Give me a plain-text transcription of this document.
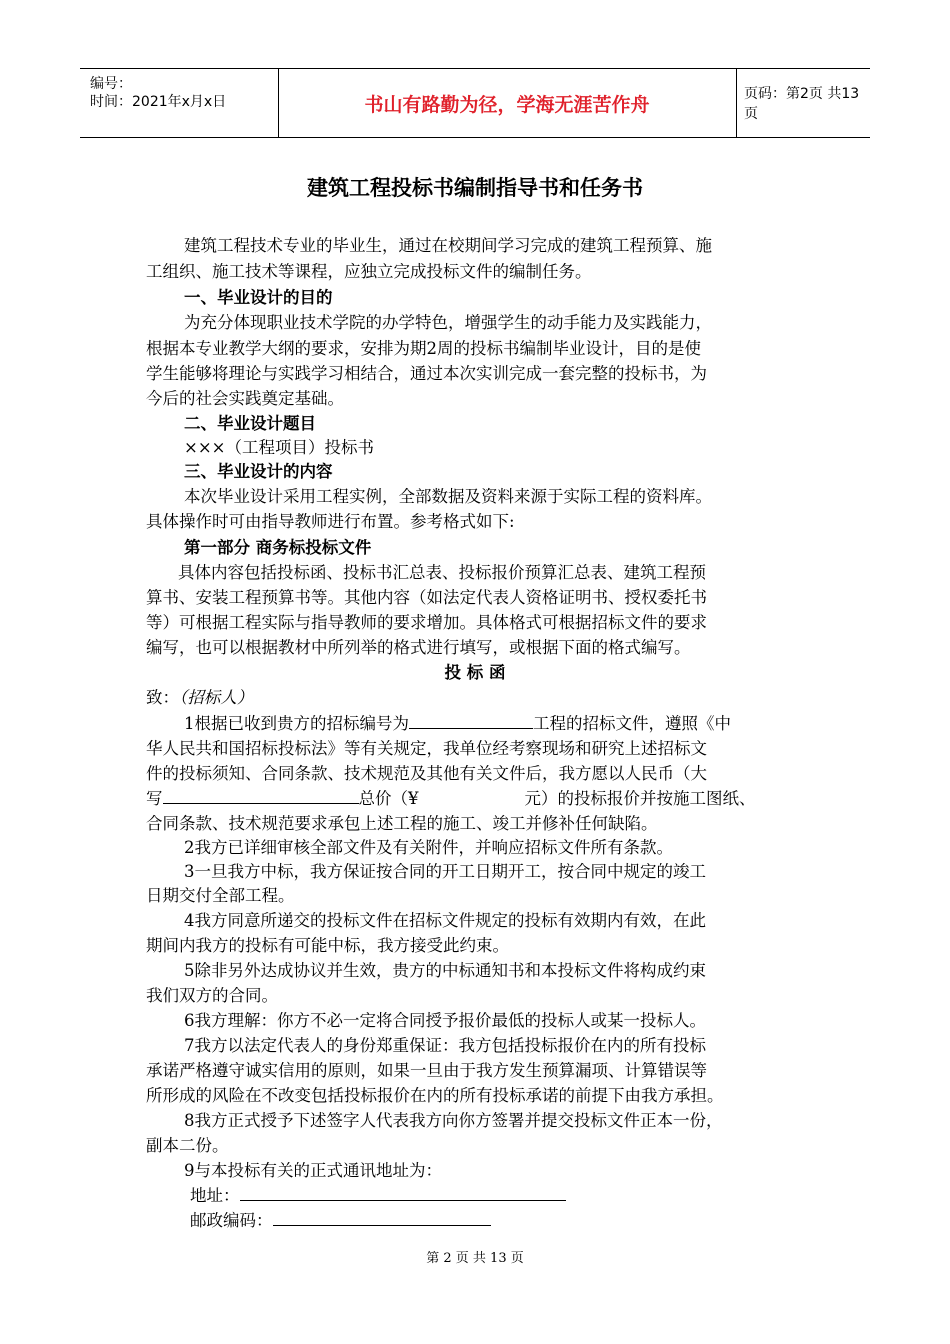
编号：
时间：2021年x月x日	书山有路勤为径，学海无涯苦作舟	页码：第2页 共13页
建筑工程投标书编制指导书和任务书
建筑工程技术专业的毕业生，通过在校期间学习完成的建筑工程预算、施
工组织、施工技术等课程，应独立完成投标文件的编制任务。
一、毕业设计的目的
为充分体现职业技术学院的办学特色，增强学生的动手能力及实践能力，
根据本专业教学大纲的要求，安排为期2周的投标书编制毕业设计，目的是使
学生能够将理论与实践学习相结合，通过本次实训完成一套完整的投标书，为
今后的社会实践奠定基础。
二、毕业设计题目
×××（工程项目）投标书
三、毕业设计的内容
本次毕业设计采用工程实例，全部数据及资料来源于实际工程的资料库。
具体操作时可由指导教师进行布置。参考格式如下:
第一部分 商务标投标文件
具体内容包括投标函、投标书汇总表、投标报价预算汇总表、建筑工程预
算书、安装工程预算书等。其他内容（如法定代表人资格证明书、授权委托书
等）可根据工程实际与指导教师的要求增加。具体格式可根据招标文件的要求
编写，也可以根据教材中所列举的格式进行填写，或根据下面的格式编写。
投 标 函
致：（招标人）
1根据已收到贵方的招标编号为	工程的招标文件，遵照《中
华人民共和国招标投标法》等有关规定，我单位经考察现场和研究上述招标文
件的投标须知、合同条款、技术规范及其他有关文件后，我方愿以人民币（大
写	总价（¥	元）的投标报价并按施工图纸、
合同条款、技术规范要求承包上述工程的施工、竣工并修补任何缺陷。
2我方已详细审核全部文件及有关附件，并响应招标文件所有条款。
3一旦我方中标，我方保证按合同的开工日期开工，按合同中规定的竣工
日期交付全部工程。
4我方同意所递交的投标文件在招标文件规定的投标有效期内有效，在此
期间内我方的投标有可能中标，我方接受此约束。
5除非另外达成协议并生效，贵方的中标通知书和本投标文件将构成约束
我们双方的合同。
6我方理解：你方不必一定将合同授予报价最低的投标人或某一投标人。
7我方以法定代表人的身份郑重保证：我方包括投标报价在内的所有投标
承诺严格遵守诚实信用的原则，如果一旦由于我方发生预算漏项、计算错误等
所形成的风险在不改变包括投标报价在内的所有投标承诺的前提下由我方承担。
8我方正式授予下述签字人代表我方向你方签署并提交投标文件正本一份，
副本二份。
9与本投标有关的正式通讯地址为：
地址：
邮政编码：
第 2 页 共 13 页
